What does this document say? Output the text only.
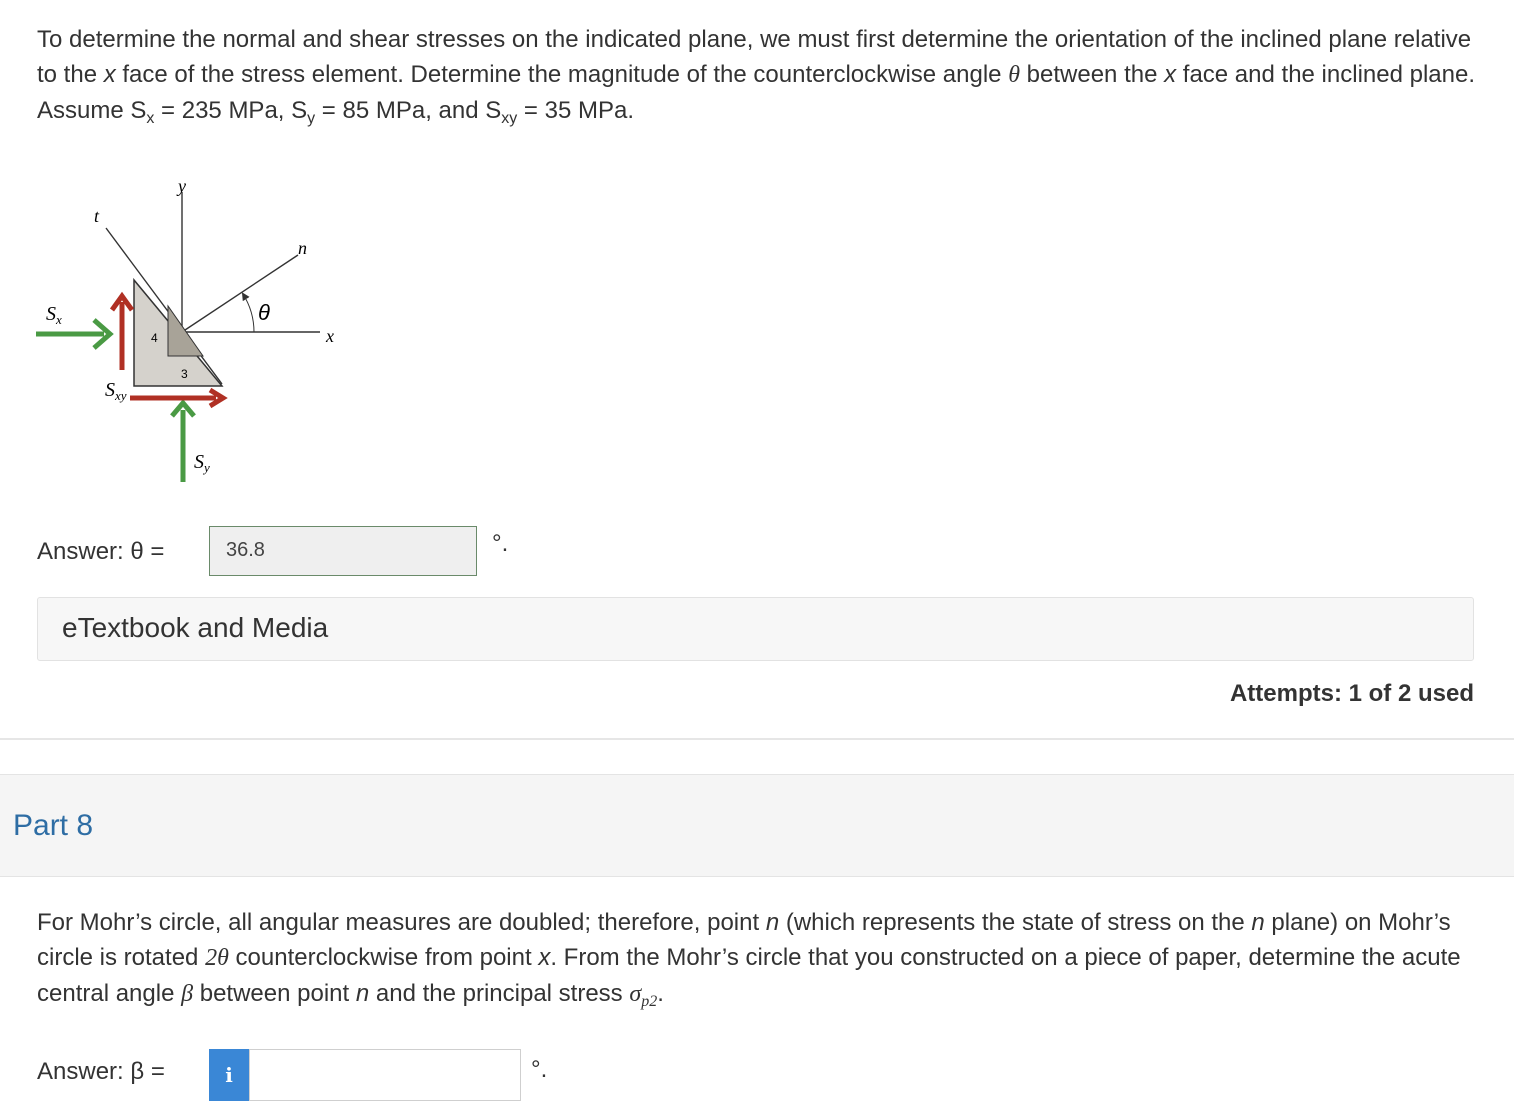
To determine the normal and shear stresses on the indicated plane, we must first determine the orientation of the inclined plane relative to the x face of the stress element. Determine the magnitude of the counterclockwise angle θ between the x face and the inclined plane. Assume $S_x = 235$ MPa, $S_y = 85$ MPa, and $S_{xy} = 35$ MPa.
y
t
n
θ
x
$S_x$
4
3
$S_{xy}$
$S_y$
Answer: θ =	36.8	°.
eTextbook and Media
Attempts: 1 of 2 used
Part 8
For Mohr’s circle, all angular measures are doubled; therefore, point n (which represents the state of stress on the n plane) on Mohr’s circle is rotated 2θ counterclockwise from point x. From the Mohr’s circle that you constructed on a piece of paper, determine the acute central angle β between point n and the principal stress $\sigma_{p2}$.
Answer: β =	i	°.
